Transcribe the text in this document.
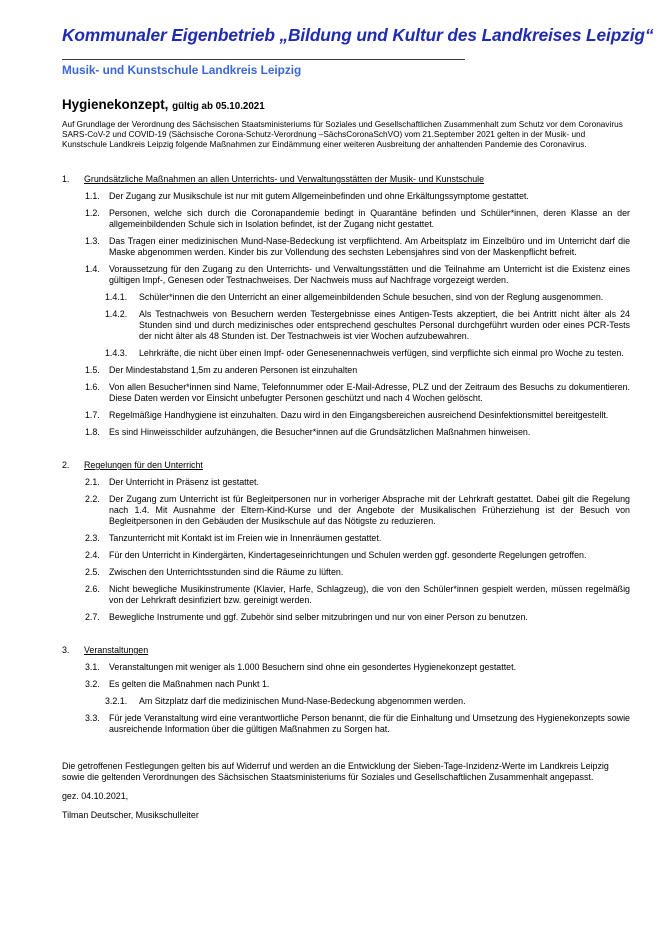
Kommunaler Eigenbetrieb „Bildung und Kultur des Landkreises Leipzig“
Musik- und Kunstschule Landkreis Leipzig
Hygienekonzept, gültig ab 05.10.2021
Auf Grundlage der Verordnung des Sächsischen Staatsministeriums für Soziales und Gesellschaftlichen Zusammenhalt zum Schutz vor dem Coronavirus SARS-CoV-2 und COVID-19 (Sächsische Corona-Schutz-Verordnung –SächsCoronaSchVO) vom 21.September 2021 gelten in der Musik- und Kunstschule Landkreis Leipzig folgende Maßnahmen zur Eindämmung einer weiteren Ausbreitung der anhaltenden Pandemie des Coronavirus.
1.	Grundsätzliche Maßnahmen an allen Unterrichts- und Verwaltungsstätten der Musik- und Kunstschule
1.1.	Der Zugang zur Musikschule ist nur mit gutem Allgemeinbefinden und ohne Erkältungssymptome gestattet.
1.2.	Personen, welche sich durch die Coronapandemie bedingt in Quarantäne befinden und Schüler*innen, deren Klasse an der allgemeinbildenden Schule sich in Isolation befindet, ist der Zugang nicht gestattet.
1.3.	Das Tragen einer medizinischen Mund-Nase-Bedeckung ist verpflichtend. Am Arbeitsplatz im Einzelbüro und im Unterricht darf die Maske abgenommen werden. Kinder bis zur Vollendung des sechsten Lebensjahres sind von der Maskenpflicht befreit.
1.4.	Voraussetzung für den Zugang zu den Unterrichts- und Verwaltungsstätten und die Teilnahme am Unterricht ist die Existenz eines gültigen Impf-, Genesen oder Testnachweises. Der Nachweis muss auf Nachfrage vorgezeigt werden.
1.4.1.	Schüler*innen die den Unterricht an einer allgemeinbildenden Schule besuchen, sind von der Reglung ausgenommen.
1.4.2.	Als Testnachweis von Besuchern werden Testergebnisse eines Antigen-Tests akzeptiert, die bei Antritt nicht älter als 24 Stunden sind und durch medizinisches oder entsprechend geschultes Personal durchgeführt wurden oder eines PCR-Tests der nicht älter als 48 Stunden ist. Der Testnachweis ist vier Wochen aufzubewahren.
1.4.3.	Lehrkräfte, die nicht über einen Impf- oder Genesenennachweis verfügen, sind verpflichte sich einmal pro Woche zu testen.
1.5.	Der Mindestabstand 1,5m zu anderen Personen ist einzuhalten
1.6.	Von allen Besucher*innen sind Name, Telefonnummer oder E-Mail-Adresse, PLZ und der Zeitraum des Besuchs zu dokumentieren. Diese Daten werden vor Einsicht unbefugter Personen geschützt und nach 4 Wochen gelöscht.
1.7.	Regelmäßige Handhygiene ist einzuhalten. Dazu wird in den Eingangsbereichen ausreichend Desinfektionsmittel bereitgestellt.
1.8.	Es sind Hinweisschilder aufzuhängen, die Besucher*innen auf die Grundsätzlichen Maßnahmen hinweisen.
2.	Regelungen für den Unterricht
2.1.	Der Unterricht in Präsenz ist gestattet.
2.2.	Der Zugang zum Unterricht ist für Begleitpersonen nur in vorheriger Absprache mit der Lehrkraft gestattet. Dabei gilt die Regelung nach 1.4. Mit Ausnahme der Eltern-Kind-Kurse und der Angebote der Musikalischen Früherziehung ist der Besuch von Begleitpersonen in den Gebäuden der Musikschule auf das Nötigste zu reduzieren.
2.3.	Tanzunterricht mit Kontakt ist im Freien wie in Innenräumen gestattet.
2.4.	Für den Unterricht in Kindergärten, Kindertageseinrichtungen und Schulen werden ggf. gesonderte Regelungen getroffen.
2.5.	Zwischen den Unterrichtsstunden sind die Räume zu lüften.
2.6.	Nicht bewegliche Musikinstrumente (Klavier, Harfe, Schlagzeug), die von den Schüler*innen gespielt werden, müssen regelmäßig von der Lehrkraft desinfiziert bzw. gereinigt werden.
2.7.	Bewegliche Instrumente und ggf. Zubehör sind selber mitzubringen und nur von einer Person zu benutzen.
3.	Veranstaltungen
3.1.	Veranstaltungen mit weniger als 1.000 Besuchern sind ohne ein gesondertes Hygienekonzept gestattet.
3.2.	Es gelten die Maßnahmen nach Punkt 1.
3.2.1.	Am Sitzplatz darf die medizinischen Mund-Nase-Bedeckung abgenommen werden.
3.3.	Für jede Veranstaltung wird eine verantwortliche Person benannt, die für die Einhaltung und Umsetzung des Hygienekonzepts sowie ausreichende Information über die gültigen Maßnahmen zu Sorgen hat.
Die getroffenen Festlegungen gelten bis auf Widerruf und werden an die Entwicklung der Sieben-Tage-Inzidenz-Werte im Landkreis Leipzig sowie die geltenden Verordnungen des Sächsischen Staatsministeriums für Soziales und Gesellschaftlichen Zusammenhalt angepasst.
gez. 04.10.2021,
Tilman Deutscher, Musikschulleiter
